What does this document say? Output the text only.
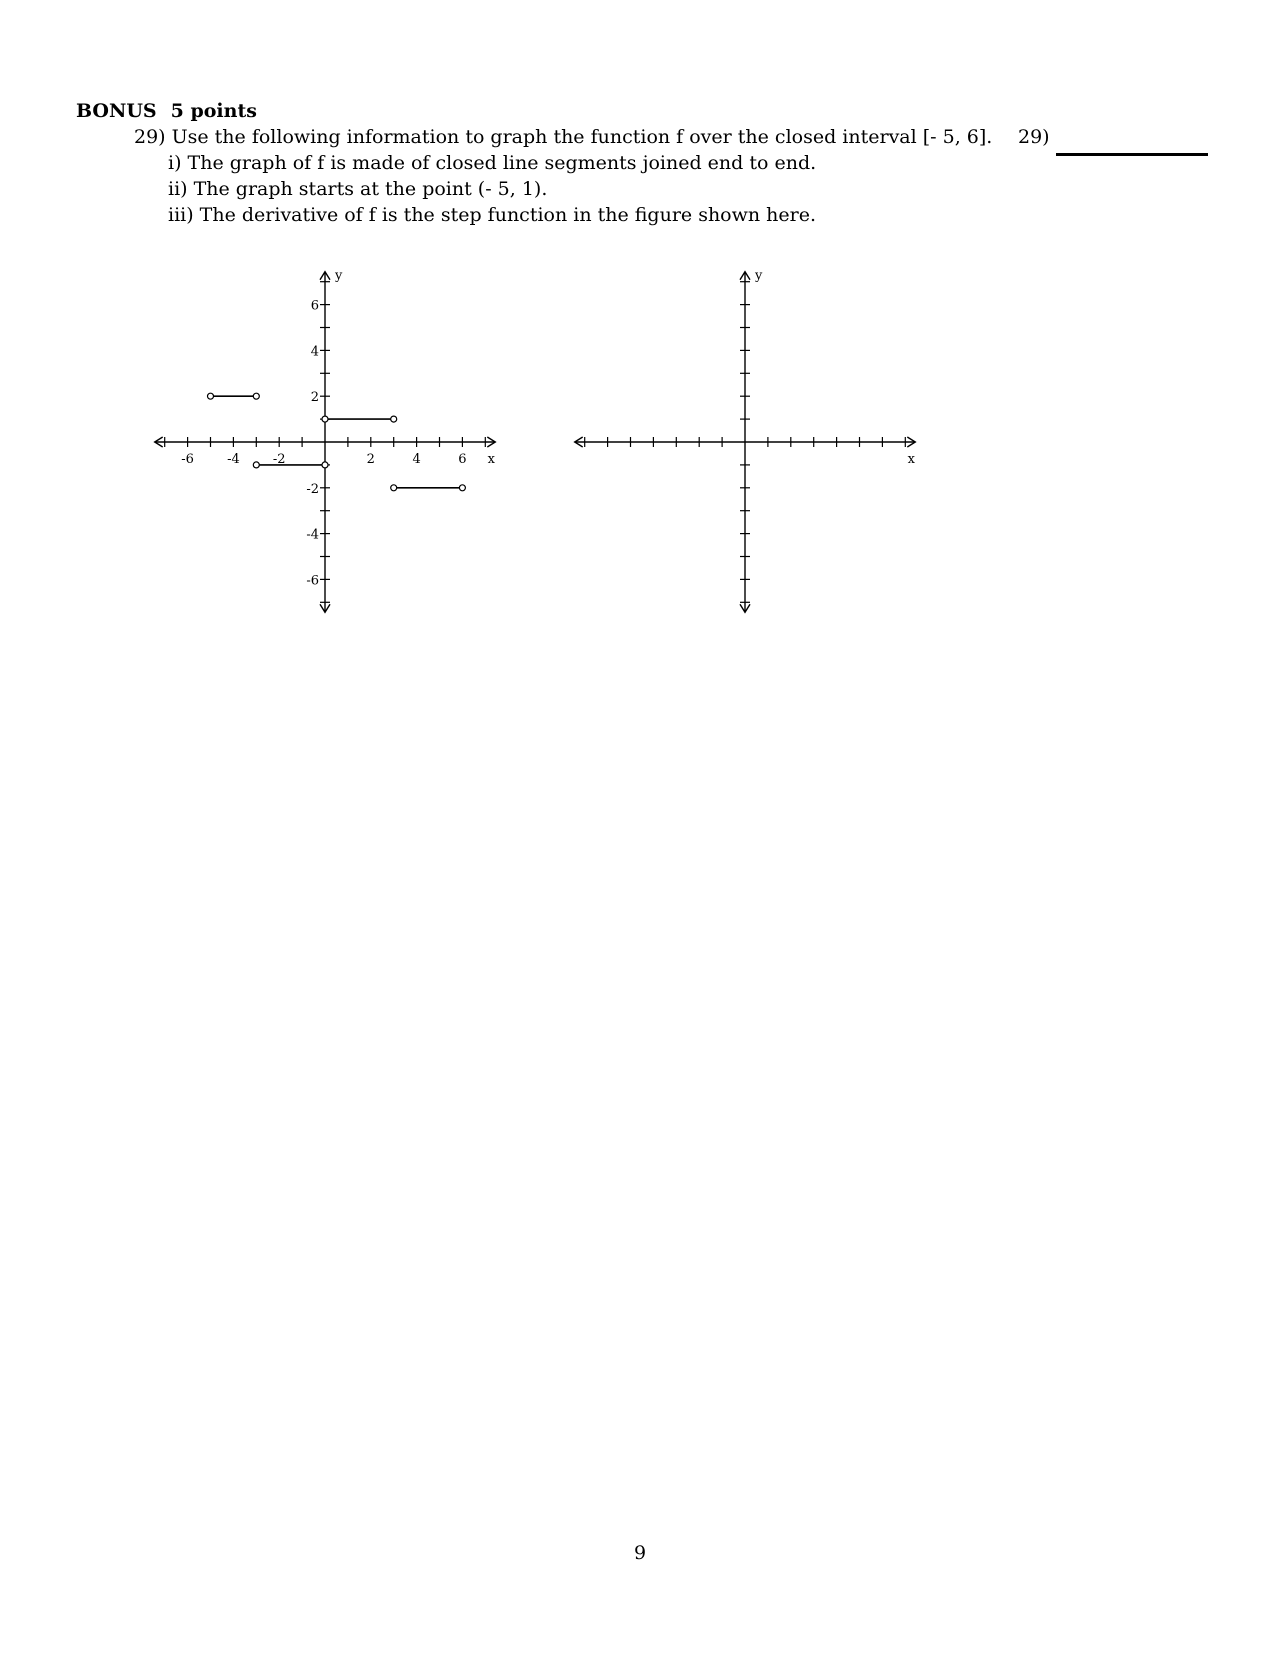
BONUS 5 points
29) Use the following information to graph the function f over the closed interval [- 5, 6].
i) The graph of f is made of closed line segments joined end to end.
ii) The graph starts at the point (- 5, 1).
iii) The derivative of f is the step function in the figure shown here.
29)
-6	-4	-2	2	4	6
6
4
2
-2
-4
-6
x
y
x
y
9
